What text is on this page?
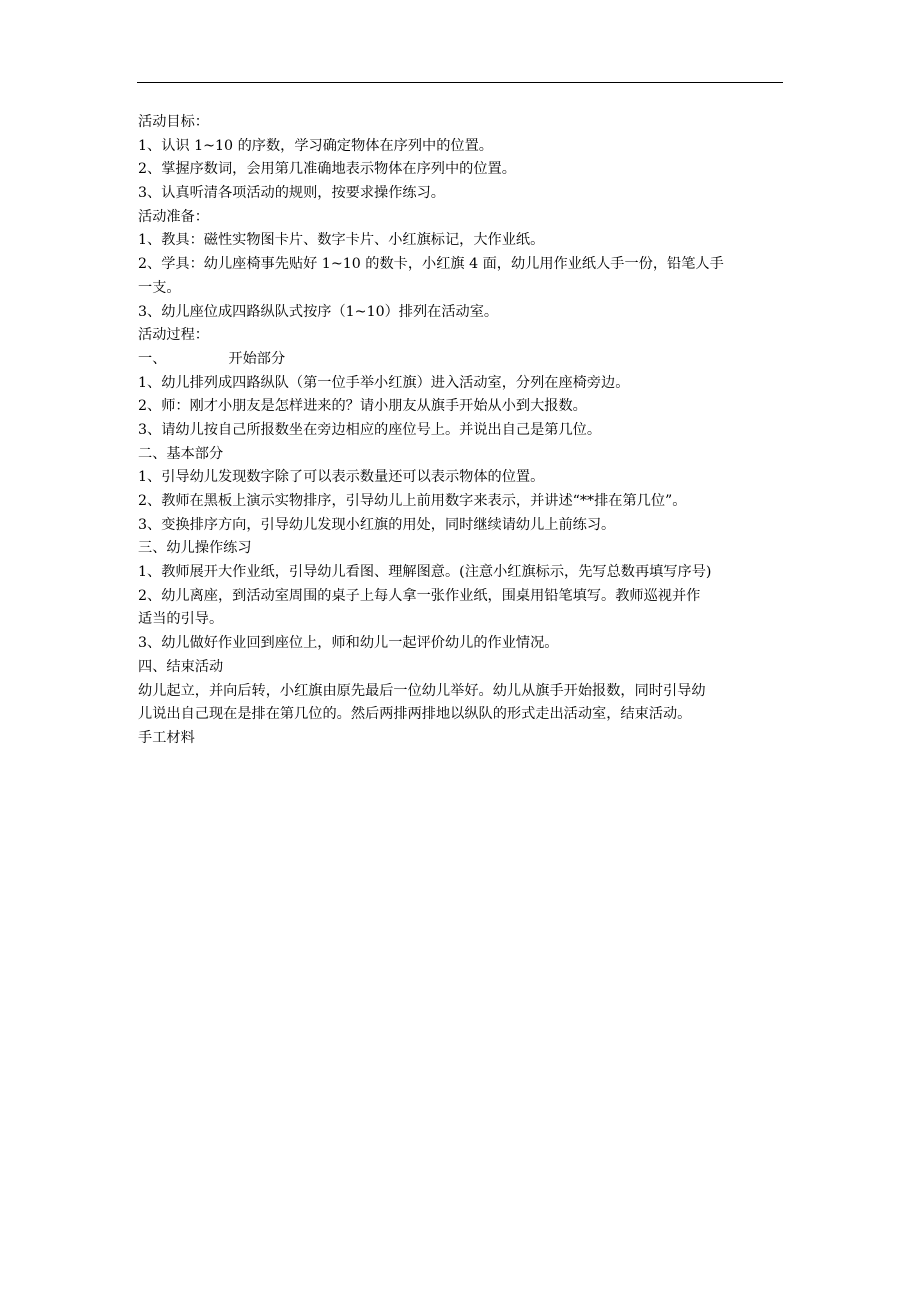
活动目标：
1、认识 1~10 的序数，学习确定物体在序列中的位置。
2、掌握序数词，会用第几准确地表示物体在序列中的位置。
3、认真听清各项活动的规则，按要求操作练习。
活动准备：
1、教具：磁性实物图卡片、数字卡片、小红旗标记，大作业纸。
2、学具：幼儿座椅事先贴好 1~10 的数卡，小红旗 4 面，幼儿用作业纸人手一份，铅笔人手
一支。
3、幼儿座位成四路纵队式按序（1~10）排列在活动室。
活动过程：
一、	开始部分
1、幼儿排列成四路纵队（第一位手举小红旗）进入活动室，分列在座椅旁边。
2、师：刚才小朋友是怎样进来的？请小朋友从旗手开始从小到大报数。
3、请幼儿按自己所报数坐在旁边相应的座位号上。并说出自己是第几位。
二、基本部分
1、引导幼儿发现数字除了可以表示数量还可以表示物体的位置。
2、教师在黑板上演示实物排序，引导幼儿上前用数字来表示，并讲述“**排在第几位”。
3、变换排序方向，引导幼儿发现小红旗的用处，同时继续请幼儿上前练习。
三、幼儿操作练习
1、教师展开大作业纸，引导幼儿看图、理解图意。(注意小红旗标示，先写总数再填写序号)
2、幼儿离座，到活动室周围的桌子上每人拿一张作业纸，围桌用铅笔填写。教师巡视并作
适当的引导。
3、幼儿做好作业回到座位上，师和幼儿一起评价幼儿的作业情况。
四、结束活动
幼儿起立，并向后转，小红旗由原先最后一位幼儿举好。幼儿从旗手开始报数，同时引导幼
儿说出自己现在是排在第几位的。然后两排两排地以纵队的形式走出活动室，结束活动。
手工材料
